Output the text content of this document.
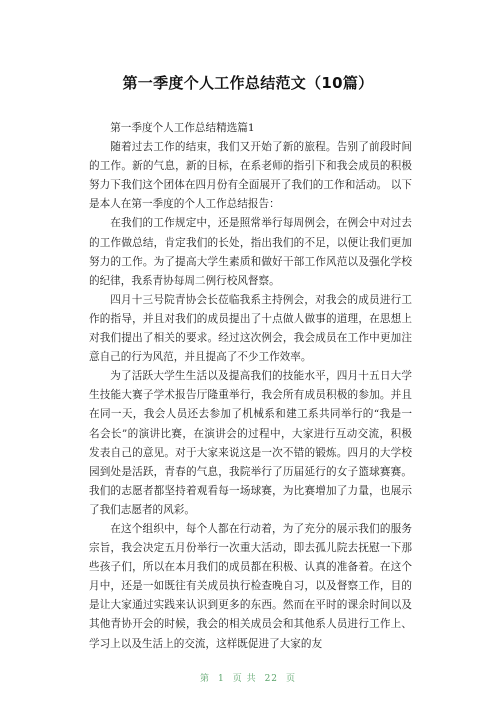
第一季度个人工作总结范文（10篇）

第一季度个人工作总结精选篇1

随着过去工作的结束，我们又开始了新的旅程。告别了前段时间的工作。新的气息，新的目标，在系老师的指引下和我会成员的积极努力下我们这个团体在四月份有全面展开了我们的工作和活动。 以下是本人在第一季度的个人工作总结报告：

在我们的工作规定中，还是照常举行每周例会，在例会中对过去的工作做总结，肯定我们的长处，指出我们的不足，以便让我们更加努力的工作。为了提高大学生素质和做好干部工作风范以及强化学校的纪律，我系青协每周二例行校风督察。

四月十三号院青协会长莅临我系主持例会，对我会的成员进行工作的指导，并且对我们的成员提出了十点做人做事的道理，在思想上对我们提出了相关的要求。经过这次例会，我会成员在工作中更加注意自己的行为风范，并且提高了不少工作效率。

为了活跃大学生生活以及提高我们的技能水平，四月十五日大学生技能大赛子学术报告厅隆重举行，我会所有成员积极的参加。并且在同一天，我会人员还去参加了机械系和建工系共同举行的“我是一名会长”的演讲比赛，在演讲会的过程中，大家进行互动交流，积极发表自己的意见。对于大家来说这是一次不错的锻炼。四月的大学校园到处是活跃，青春的气息，我院举行了历届延行的女子篮球赛赛。我们的志愿者都坚持着观看每一场球赛，为比赛增加了力量，也展示了我们志愿者的风彩。

在这个组织中，每个人都在行动着，为了充分的展示我们的服务宗旨，我会决定五月份举行一次重大活动，即去孤儿院去抚慰一下那些孩子们，所以在本月我们的成员都在积极、认真的准备着。在这个月中，还是一如既往有关成员执行检查晚自习，以及督察工作，目的是让大家通过实践来认识到更多的东西。然而在平时的课余时间以及其他青协开会的时候，我会的相关成员会和其他系人员进行工作上、学习上以及生活上的交流，这样既促进了大家的友

第 1 页 共 22 页
